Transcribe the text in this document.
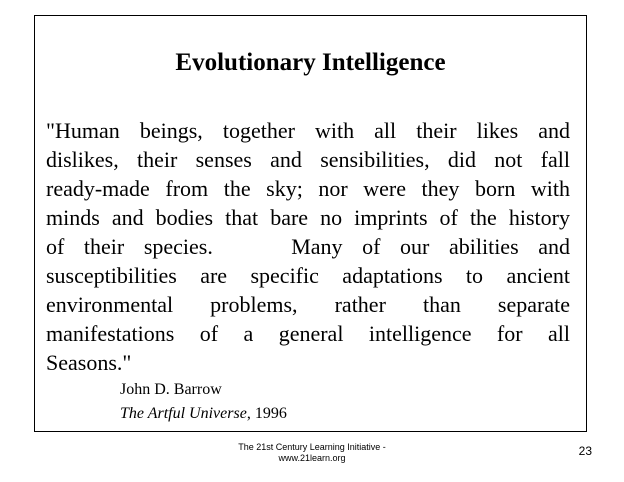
Evolutionary Intelligence
"Human beings, together with all their likes and
dislikes, their senses and sensibilities, did not fall
ready-made from the sky; nor were they born with
minds and bodies that bare no imprints of the history
of their species.    Many of our abilities and
susceptibilities are specific adaptations to ancient
environmental problems, rather than separate
manifestations of a general intelligence for all
Seasons."
John D. Barrow
The Artful Universe, 1996
The 21st Century Learning Initiative -
www.21learn.org	23
